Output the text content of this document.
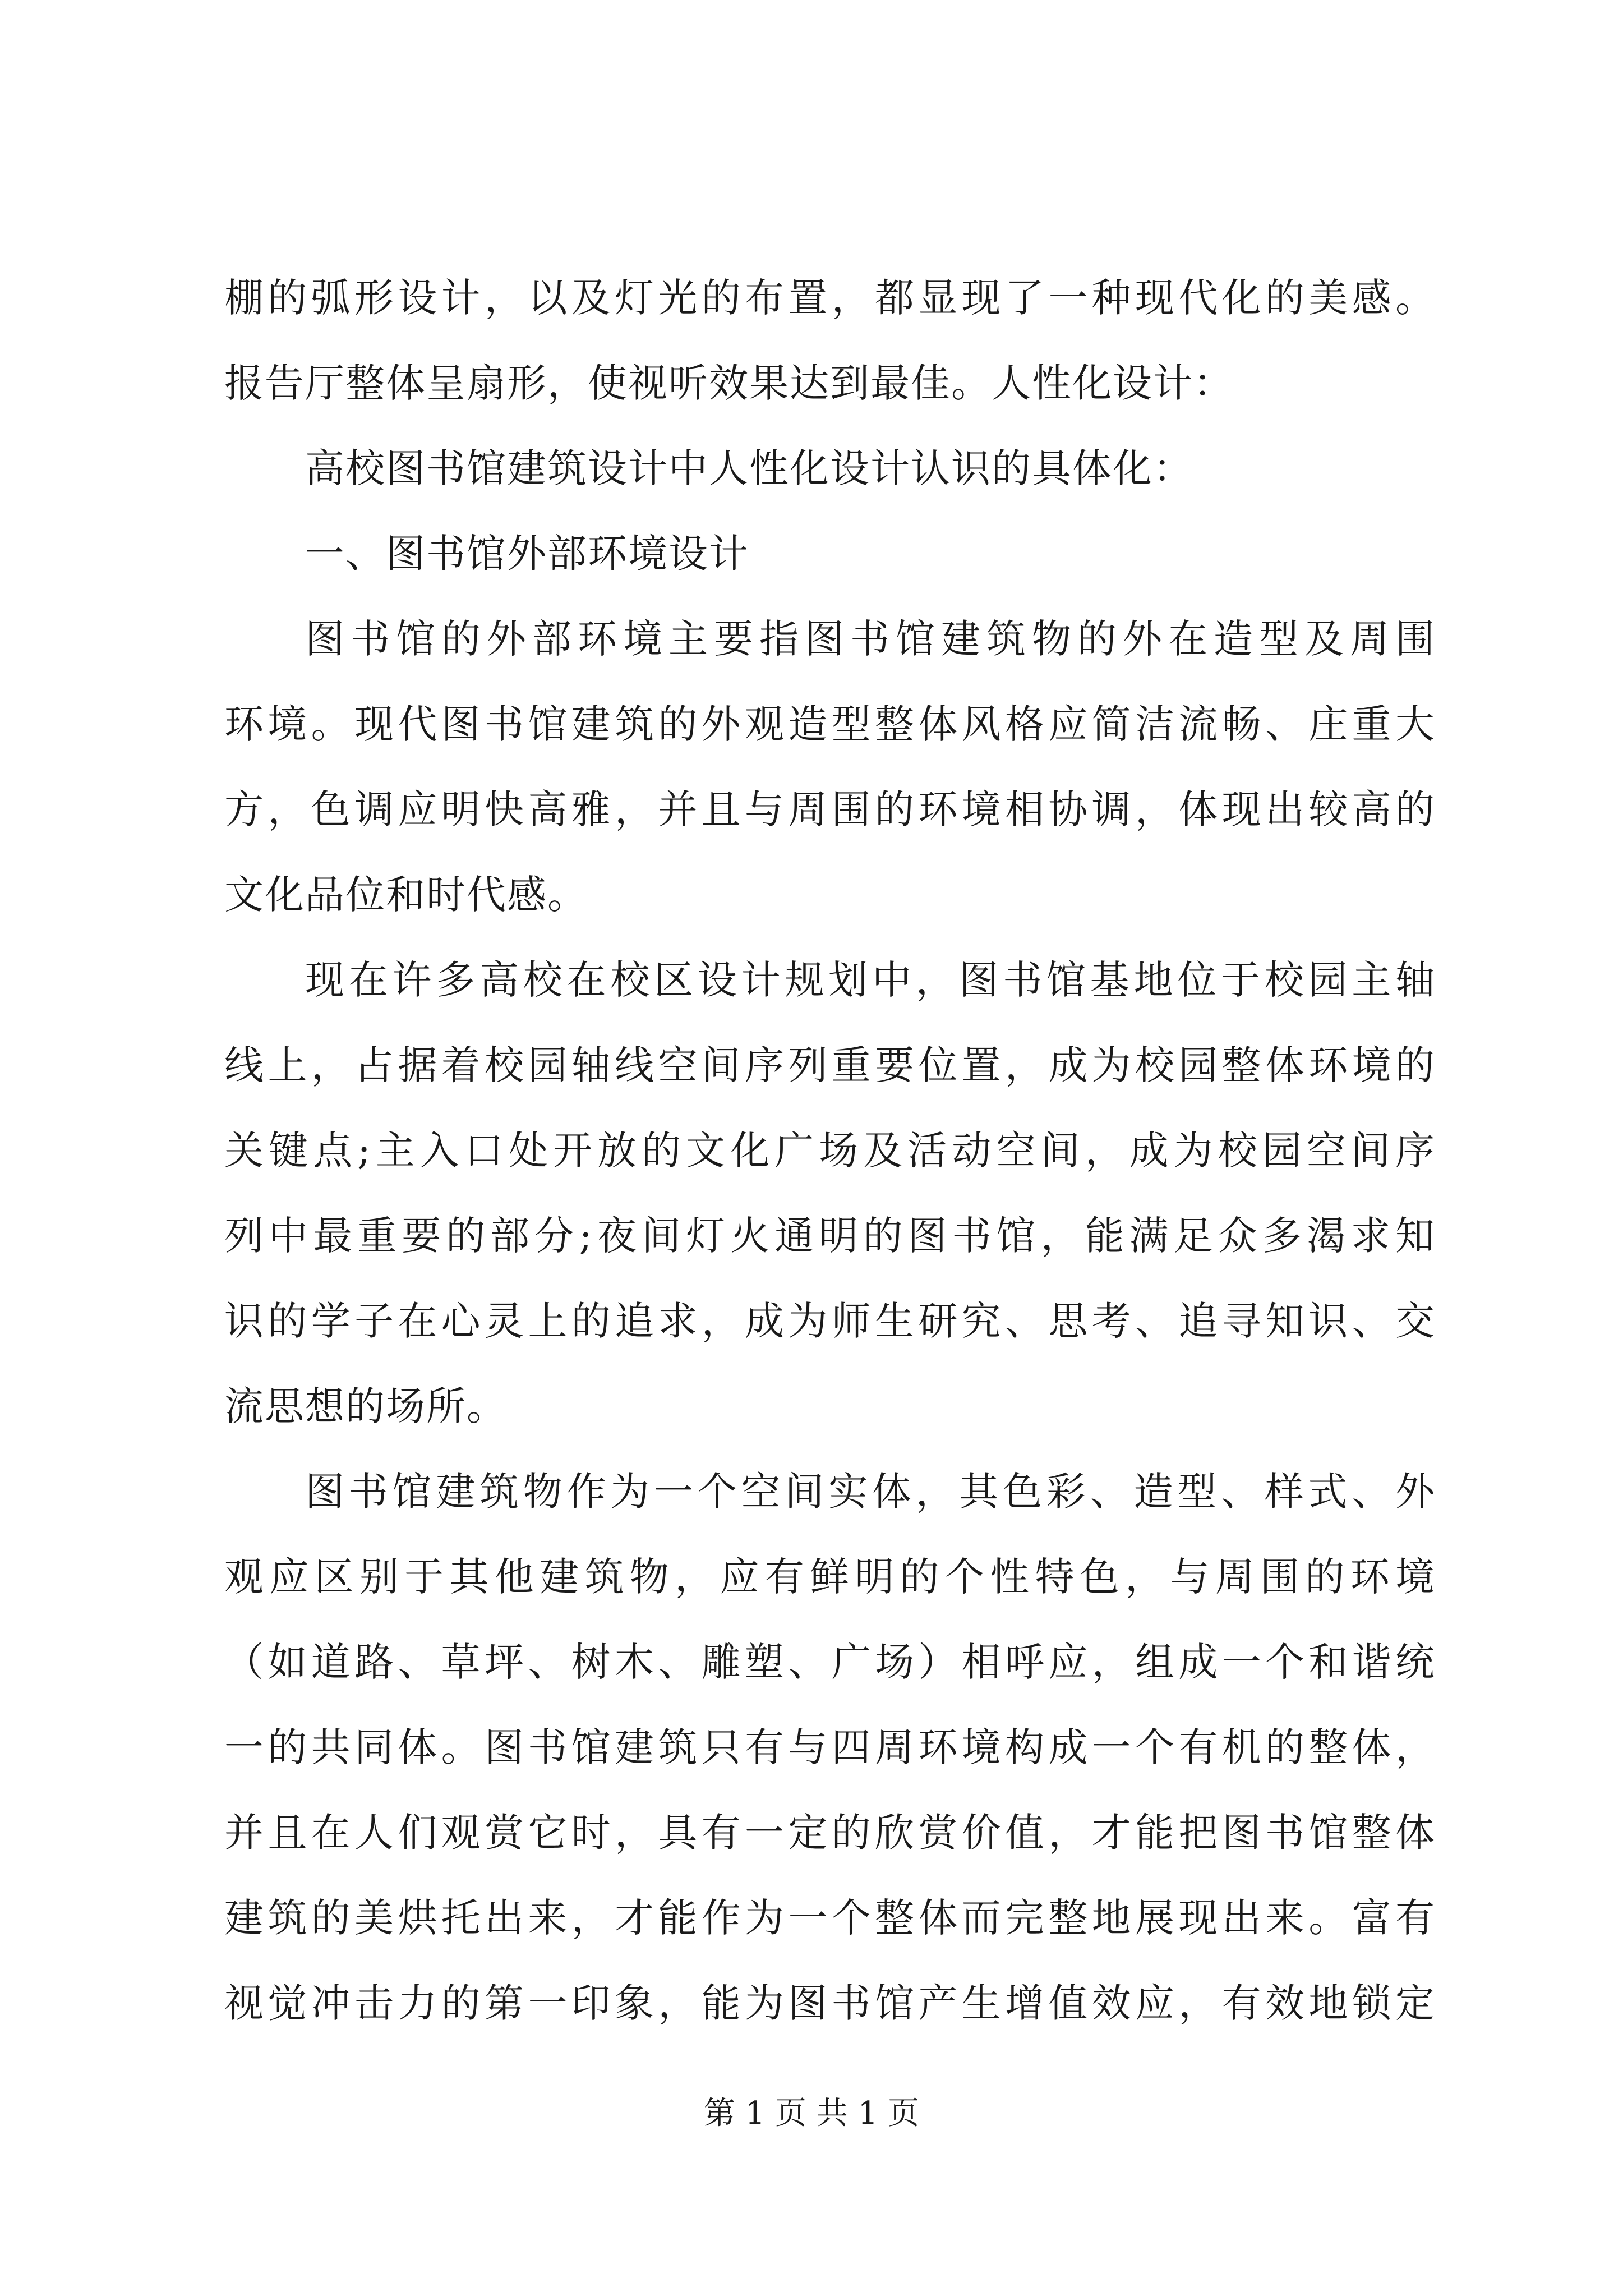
棚的弧形设计，以及灯光的布置，都显现了一种现代化的美感。
报告厅整体呈扇形，使视听效果达到最佳。人性化设计：
高校图书馆建筑设计中人性化设计认识的具体化：
一、图书馆外部环境设计
图书馆的外部环境主要指图书馆建筑物的外在造型及周围
环境。现代图书馆建筑的外观造型整体风格应简洁流畅、庄重大
方，色调应明快高雅，并且与周围的环境相协调，体现出较高的
文化品位和时代感。
现在许多高校在校区设计规划中，图书馆基地位于校园主轴
线上，占据着校园轴线空间序列重要位置，成为校园整体环境的
关键点;主入口处开放的文化广场及活动空间，成为校园空间序
列中最重要的部分;夜间灯火通明的图书馆，能满足众多渴求知
识的学子在心灵上的追求，成为师生研究、思考、追寻知识、交
流思想的场所。
图书馆建筑物作为一个空间实体，其色彩、造型、样式、外
观应区别于其他建筑物，应有鲜明的个性特色，与周围的环境
（如道路、草坪、树木、雕塑、广场）相呼应，组成一个和谐统
一的共同体。图书馆建筑只有与四周环境构成一个有机的整体，
并且在人们观赏它时，具有一定的欣赏价值，才能把图书馆整体
建筑的美烘托出来，才能作为一个整体而完整地展现出来。富有
视觉冲击力的第一印象，能为图书馆产生增值效应，有效地锁定
第 1 页 共 1 页
